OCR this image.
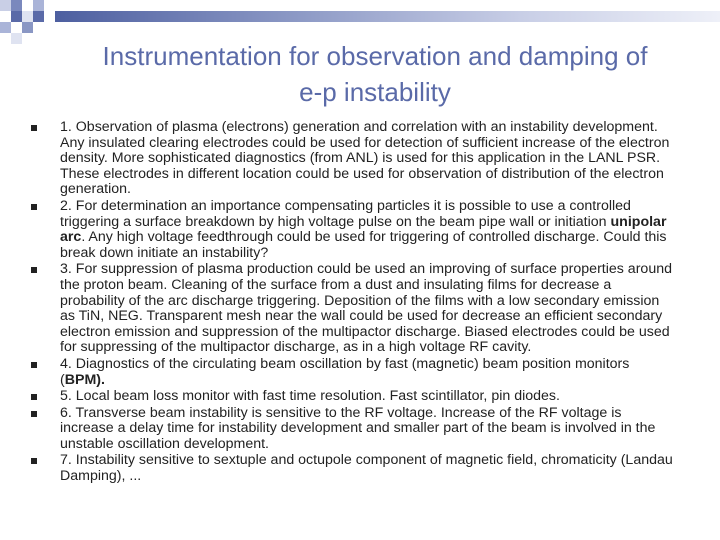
Instrumentation for observation and damping of
e-p instability
1. Observation of plasma (electrons) generation and correlation with an instability development. Any insulated clearing electrodes could be used for detection of sufficient increase of the electron density. More sophisticated diagnostics (from ANL) is used for this application in the LANL PSR. These electrodes in different location could be used for observation of distribution of the electron generation.
2. For determination an importance compensating particles it is possible to use a controlled triggering a surface breakdown by high voltage pulse on the beam pipe wall or initiation unipolar arc. Any high voltage feedthrough could be used for triggering of controlled discharge. Could this break down initiate an instability?
3. For suppression of plasma production could be used an improving of surface properties around the proton beam. Cleaning of the surface from a dust and insulating films for decrease a probability of the arc discharge triggering. Deposition of the films with a low secondary emission as TiN, NEG. Transparent mesh near the wall could be used for decrease an efficient secondary electron emission and suppression of the multipactor discharge. Biased electrodes could be used for suppressing of the multipactor discharge, as in a high voltage RF cavity.
4. Diagnostics of the circulating beam oscillation by fast (magnetic) beam position monitors (BPM).
5. Local beam loss monitor with fast time resolution. Fast scintillator, pin diodes.
6. Transverse beam instability is sensitive to the RF voltage. Increase of the RF voltage is increase a delay time for instability development and smaller part of the beam is involved in the unstable oscillation development.
7. Instability sensitive to sextuple and octupole component of magnetic field, chromaticity (Landau Damping), ...
